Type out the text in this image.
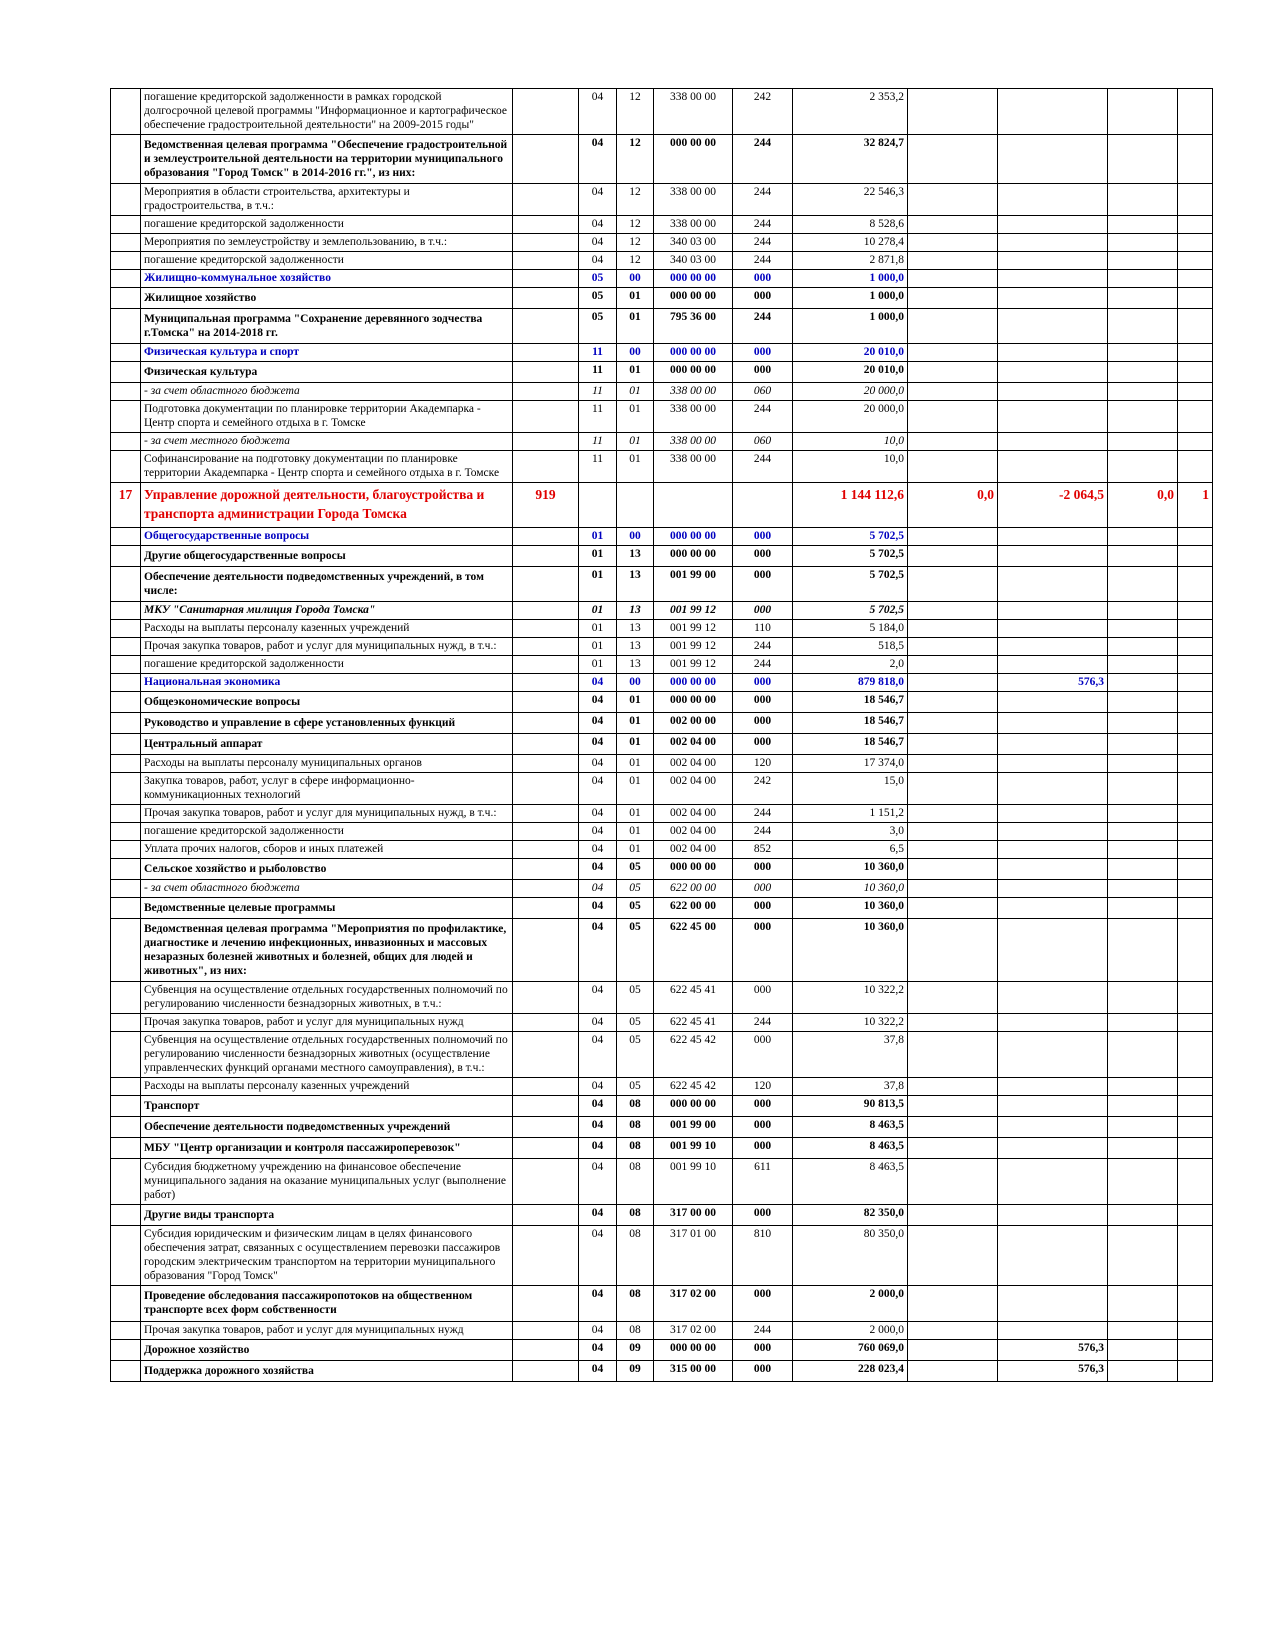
	погашение кредиторской задолженности в рамках городской долгосрочной целевой программы "Информационное и картографическое обеспечение градостроительной деятельности" на 2009-2015 годы"		04	12	338 00 00	242	2 353,2				
	Ведомственная целевая программа "Обеспечение градостроительной и землеустроительной деятельности на территории муниципального образования "Город Томск" в 2014-2016 гг.", из них:		04	12	000 00 00	244	32 824,7				
	Мероприятия в области строительства, архитектуры и градостроительства, в т.ч.:		04	12	338 00 00	244	22 546,3				
	погашение кредиторской задолженности		04	12	338 00 00	244	8 528,6				
	Мероприятия по землеустройству и землепользованию, в т.ч.:		04	12	340 03 00	244	10 278,4				
	погашение кредиторской задолженности		04	12	340 03 00	244	2 871,8				
	Жилищно-коммунальное хозяйство		05	00	000 00 00	000	1 000,0				
	Жилищное хозяйство		05	01	000 00 00	000	1 000,0				
	Муниципальная программа "Сохранение деревянного зодчества г.Томска" на 2014-2018 гг.		05	01	795 36 00	244	1 000,0				
	Физическая культура и спорт		11	00	000 00 00	000	20 010,0				
	Физическая культура		11	01	000 00 00	000	20 010,0				
	- за счет областного бюджета		11	01	338 00 00	060	20 000,0				
	Подготовка документации по планировке территории Академпарка - Центр спорта и семейного отдыха в г. Томске		11	01	338 00 00	244	20 000,0				
	- за счет местного бюджета		11	01	338 00 00	060	10,0				
	Софинансирование на подготовку документации по планировке территории Академпарка - Центр спорта и семейного отдыха в г. Томске		11	01	338 00 00	244	10,0				
17	Управление дорожной деятельности, благоустройства и транспорта администрации Города Томска	919					1 144 112,6	0,0	-2 064,5	0,0	1
	Общегосударственные вопросы		01	00	000 00 00	000	5 702,5				
	Другие общегосударственные вопросы		01	13	000 00 00	000	5 702,5				
	Обеспечение деятельности подведомственных учреждений, в том числе:		01	13	001 99 00	000	5 702,5				
	МКУ "Санитарная милиция Города Томска"		01	13	001 99 12	000	5 702,5				
	Расходы на выплаты персоналу казенных учреждений		01	13	001 99 12	110	5 184,0				
	Прочая закупка товаров, работ и услуг для муниципальных нужд, в т.ч.:		01	13	001 99 12	244	518,5				
	погашение кредиторской задолженности		01	13	001 99 12	244	2,0				
	Национальная экономика		04	00	000 00 00	000	879 818,0		576,3		
	Общеэкономические вопросы		04	01	000 00 00	000	18 546,7				
	Руководство и управление в сфере установленных функций		04	01	002 00 00	000	18 546,7				
	Центральный аппарат		04	01	002 04 00	000	18 546,7				
	Расходы на выплаты персоналу муниципальных органов		04	01	002 04 00	120	17 374,0				
	Закупка товаров, работ, услуг в сфере информационно-коммуникационных технологий		04	01	002 04 00	242	15,0				
	Прочая закупка товаров, работ и услуг для муниципальных нужд, в т.ч.:		04	01	002 04 00	244	1 151,2				
	погашение кредиторской задолженности		04	01	002 04 00	244	3,0				
	Уплата прочих налогов, сборов и иных платежей		04	01	002 04 00	852	6,5				
	Сельское хозяйство и рыболовство		04	05	000 00 00	000	10 360,0				
	- за счет областного бюджета		04	05	622 00 00	000	10 360,0				
	Ведомственные целевые программы		04	05	622 00 00	000	10 360,0				
	Ведомственная целевая программа "Мероприятия по профилактике, диагностике и лечению инфекционных, инвазионных и массовых незаразных болезней животных и болезней, общих для людей и животных", из них:		04	05	622 45 00	000	10 360,0				
	Субвенция на осуществление отдельных государственных полномочий по регулированию численности безнадзорных животных, в т.ч.:		04	05	622 45 41	000	10 322,2				
	Прочая закупка товаров, работ и услуг для муниципальных нужд		04	05	622 45 41	244	10 322,2				
	Субвенция на осуществление отдельных государственных полномочий по регулированию численности безнадзорных животных (осуществление управленческих функций органами местного самоуправления), в т.ч.:		04	05	622 45 42	000	37,8				
	Расходы на выплаты персоналу казенных учреждений		04	05	622 45 42	120	37,8				
	Транспорт		04	08	000 00 00	000	90 813,5				
	Обеспечение деятельности подведомственных учреждений		04	08	001 99 00	000	8 463,5				
	МБУ "Центр организации и контроля пассажироперевозок"		04	08	001 99 10	000	8 463,5				
	Субсидия бюджетному учреждению на финансовое обеспечение муниципального задания на оказание муниципальных услуг (выполнение работ)		04	08	001 99 10	611	8 463,5				
	Другие виды транспорта		04	08	317 00 00	000	82 350,0				
	Субсидия юридическим и физическим лицам в целях финансового обеспечения затрат, связанных с осуществлением перевозки пассажиров городским электрическим транспортом на территории муниципального образования "Город Томск"		04	08	317 01 00	810	80 350,0				
	Проведение обследования пассажиропотоков на общественном транспорте всех форм собственности		04	08	317 02 00	000	2 000,0				
	Прочая закупка товаров, работ и услуг для муниципальных нужд		04	08	317 02 00	244	2 000,0				
	Дорожное хозяйство		04	09	000 00 00	000	760 069,0		576,3		
	Поддержка дорожного хозяйства		04	09	315 00 00	000	228 023,4		576,3		
